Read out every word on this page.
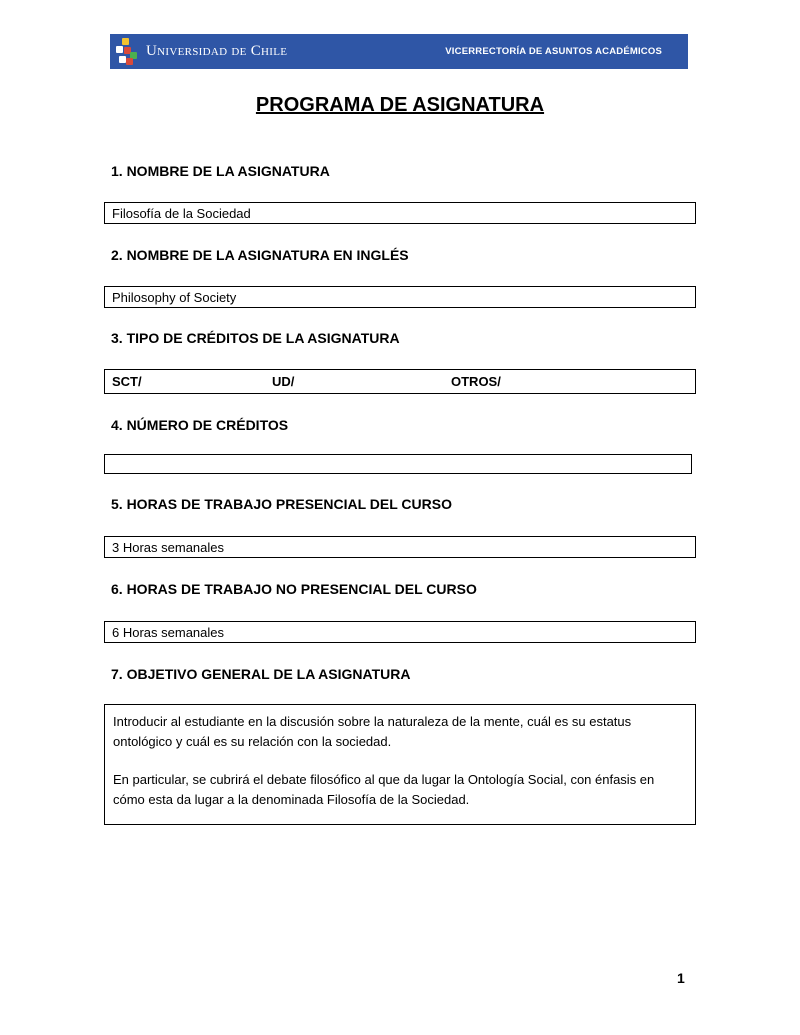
Universidad de Chile	VICERRECTORÍA DE ASUNTOS ACADÉMICOS
PROGRAMA DE ASIGNATURA
1. NOMBRE DE LA ASIGNATURA
Filosofía de la Sociedad
2. NOMBRE DE LA ASIGNATURA EN INGLÉS
Philosophy of Society
3. TIPO DE CRÉDITOS DE LA ASIGNATURA
SCT/	UD/	OTROS/
4. NÚMERO DE CRÉDITOS
5. HORAS DE TRABAJO PRESENCIAL DEL CURSO
3 Horas semanales
6. HORAS DE TRABAJO NO PRESENCIAL DEL CURSO
6 Horas semanales
7. OBJETIVO GENERAL DE LA ASIGNATURA

Introducir al estudiante en la discusión sobre la naturaleza de la mente, cuál es su estatus ontológico y cuál es su relación con la sociedad.

En particular, se cubrirá el debate filosófico al que da lugar la Ontología Social, con énfasis en cómo esta da lugar a la denominada Filosofía de la Sociedad.

1
